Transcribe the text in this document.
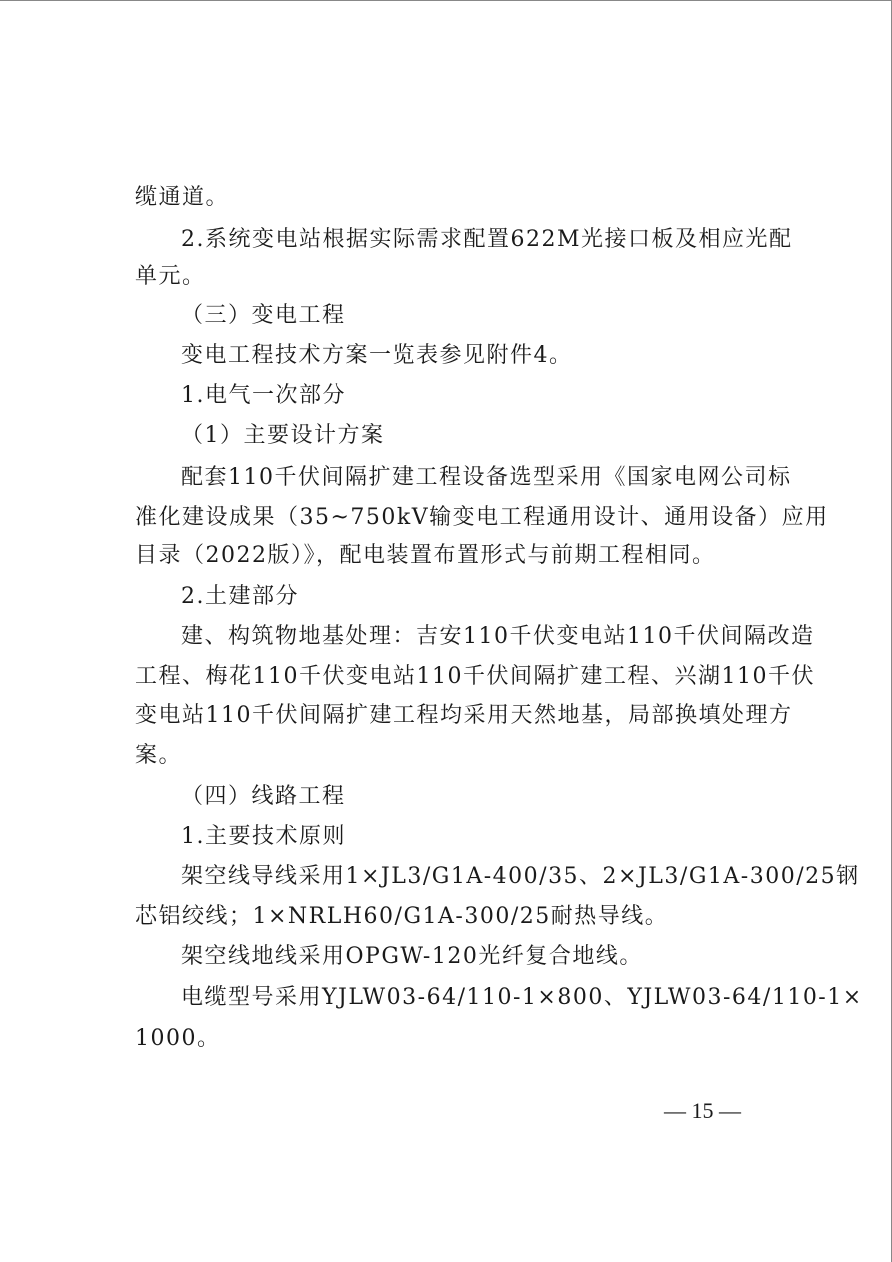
缆通道。
2.系统变电站根据实际需求配置622M光接口板及相应光配
单元。
（三）变电工程
变电工程技术方案一览表参见附件4。
1.电气一次部分
（1）主要设计方案
配套110千伏间隔扩建工程设备选型采用《国家电网公司标
准化建设成果（35~750kV输变电工程通用设计、通用设备）应用
目录（2022版）》，配电装置布置形式与前期工程相同。
2.土建部分
建、构筑物地基处理：吉安110千伏变电站110千伏间隔改造
工程、梅花110千伏变电站110千伏间隔扩建工程、兴湖110千伏
变电站110千伏间隔扩建工程均采用天然地基，局部换填处理方
案。
（四）线路工程
1.主要技术原则
架空线导线采用1×JL3/G1A-400/35、2×JL3/G1A-300/25钢
芯铝绞线；1×NRLH60/G1A-300/25耐热导线。
架空线地线采用OPGW-120光纤复合地线。
电缆型号采用YJLW03-64/110-1×800、YJLW03-64/110-1×
1000。
— 15 —
